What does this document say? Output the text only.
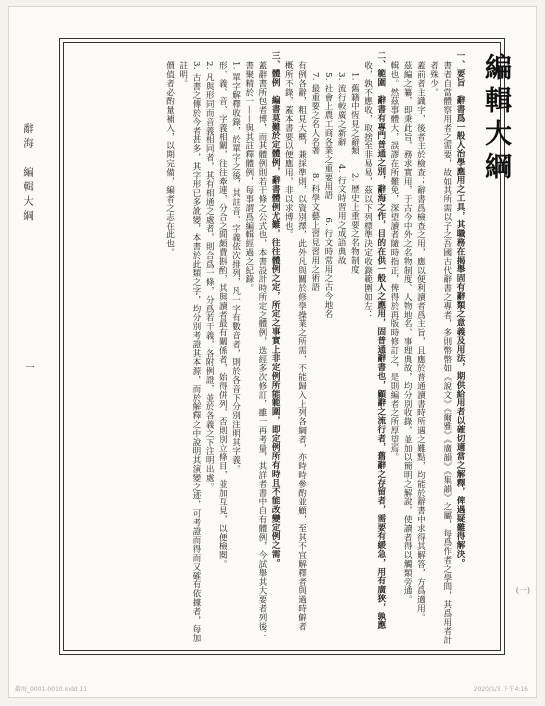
辭海　編輯大綱
一
編輯大綱

一、要旨　辭書爲一般人治學應用之工具，其職務在揭舉固有辭類之意義及用法，期供給用者以確切適當之解釋，俾遇疑難得解決。

書者自當體察用者之需要，故如其所需以子之吾國古代辭書之專者，多則幣幣如《說文》《爾雅》《廣韻》《集韻》之屬，每爲作者之學問，其爲用者計者殊少。

蓋前者主識字，後者主於檢查；辭書爲檢查之用，應以便利讀者爲主旨，且應於普通讀書時所遇之難點，均能於辭書中求得其解答，方爲適用。

茲編之纂，即秉此旨，務求實用，于古今中外之名物制度、人物地名、事理典故，均分別收錄，並加以簡明之解說，使讀者得以觸類旁通。

輯也。然茲事體大，誤謬在所難免，深望讀者隨時指正，俾得於再版時修訂之，是則編者之所厚望焉。

二、範圍　辭書有專門普通之別，辭海之作，目的在供一般人之應用，固普通辭書也，顧辭之流行者，舊辭之存留者，需要有緩急，用有廣狹，孰應

收，孰不應收，取捨至非易易，茲以下列標準決定收錄範圍如左：

1. 舊籍中恆見之辭類　　2. 歷史上重要之名物制度

3. 流行較廣之新辭　　4. 行文時習用之成語典故

5. 社會上農工商各業之重要用語　　6. 行文時常用之古今地名

7. 最重要之名人名著　　8. 科學文藝上習見習用之術語

有例各辭，粗見大概，兼採準則，以資別擇，此外凡與關於修學操業之所需，不能歸入上列各綱者，亦時時參酌並顧，至其不宜解釋者與過時僻者

概所不錄，蓋本書要以便應用，非以求博也。

三、體例　編書莫難於定體例，辭書體例尤難，往往體例之定，所定之事實上非定例所能範圍，即定例所有時且不能改變定例之需。

蓋辭書所包者博，而其體例則若干條之公式也，本書設計時所定之體例，迭經多次修訂，雖一再考量，其詳者書中自有體例，今試舉其大要者列後：

書聚精於一——與其註釋體例，每事謂爲編輯經過之紀錄。

1. 單字解釋收錄，於單字之後，其註音、字義依次排列，凡一字有數音者，則於各音下分別注明其字義。

形、義、音、字義相關，往往牽連，分合之間頗費斟酌，其與讀者最有關係者，始得併列，否則別立條目，並加互見，以便檢閱。

2. 凡與形同而音義相同者，其有相通之處者，則合爲一條，分爲若干義，各附例證，並於各義之下注明出處。

3. 古書之傳於今者甚多，其字形已多訛變，本書於此類之字，均分別考證其本源，而於解釋之中說明其演變之迹，可考證而得而又確有依據者，每加註明。

價值者必酌量補入，以期完備，編者之志在此也。

(一)
辭海_0001-0010.indd 11	2020/1/3 下午4:16
